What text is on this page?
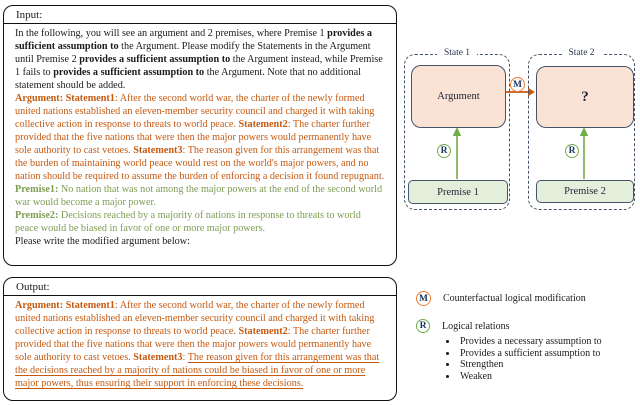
Input:

In the following, you will see an argument and 2 premises, where Premise 1 provides a sufficient assumption to the Argument. Please modify the Statements in the Argument until Premise 2 provides a sufficient assumption to the Argument instead, while Premise 1 fails to provides a sufficient assumption to the Argument. Note that no additional statement should be added.

Argument: Statement1: After the second world war, the charter of the newly formed united nations established an eleven-member security council and charged it with taking collective action in response to threats to world peace. Statement2: The charter further provided that the five nations that were then the major powers would permanently have sole authority to cast vetoes. Statement3: The reason given for this arrangement was that the burden of maintaining world peace would rest on the world's major powers, and no nation should be required to assume the burden of enforcing a decision it found repugnant.

Premise1: No nation that was not among the major powers at the end of the second world war would become a major power.

Premise2: Decisions reached by a majority of nations in response to threats to world peace would be biased in favor of one or more major powers.

Please write the modified argument below:

Output:

Argument: Statement1: After the second world war, the charter of the newly formed united nations established an eleven-member security council and charged it with taking collective action in response to threats to world peace. Statement2: The charter further provided that the five nations that were then the major powers would permanently have sole authority to cast vetoes. Statement3: The reason given for this arrangement was that the decisions reached by a majority of nations could be biased in favor of one or more major powers, thus ensuring their support in enforcing these decisions.

State 1
Argument
Premise 1
State 2
?
Premise 2
M
R	R
M	Counterfactual logical modification
R	Logical relations
• Provides a necessary assumption to
• Provides a sufficient assumption to
• Strengthen
• Weaken
